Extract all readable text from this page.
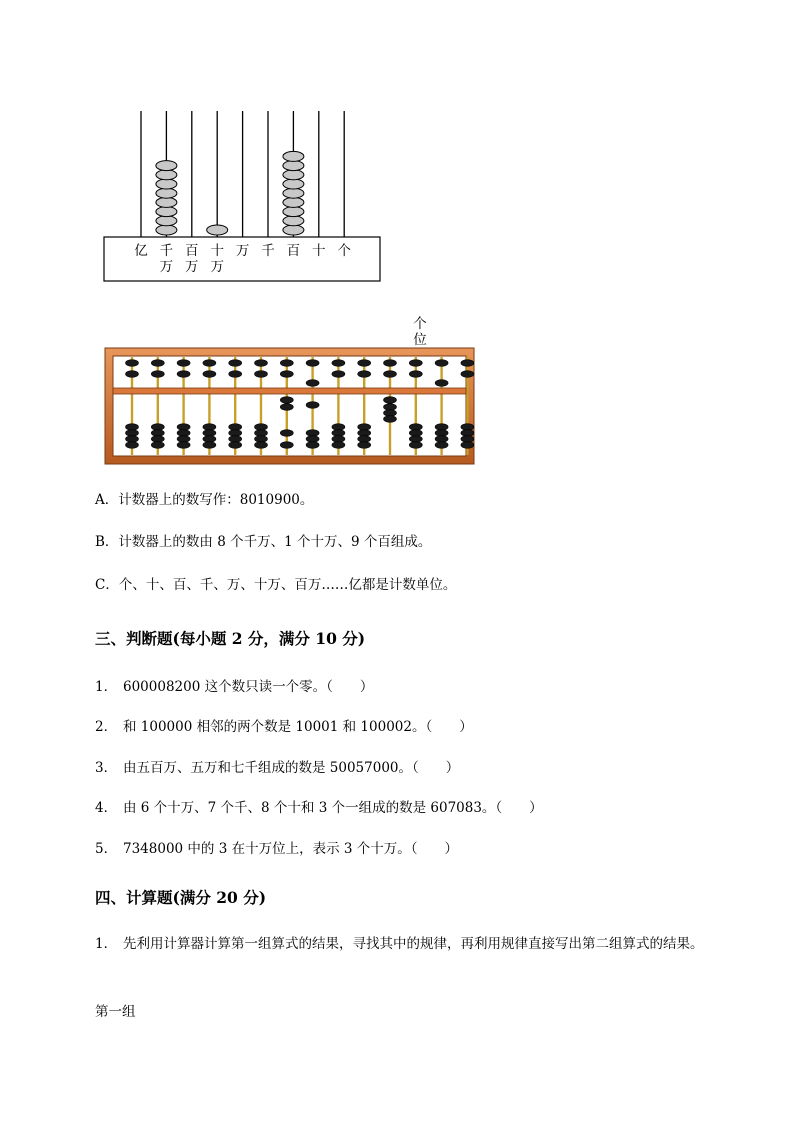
亿 千
万
百
万
十
万
万 千 百 十 个
个
位
A．计数器上的数写作：8010900。
B．计数器上的数由 8 个千万、1 个十万、9 个百组成。
C．个、十、百、千、万、十万、百万……亿都是计数单位。
三、判断题(每小题 2 分，满分 10 分)
1． 600008200 这个数只读一个零。（　　）
2． 和 100000 相邻的两个数是 10001 和 100002。（　　）
3． 由五百万、五万和七千组成的数是 50057000。（　　）
4． 由 6 个十万、7 个千、8 个十和 3 个一组成的数是 607083。（　　）
5． 7348000 中的 3 在十万位上，表示 3 个十万。（　　）
四、计算题(满分 20 分)
1． 先利用计算器计算第一组算式的结果，寻找其中的规律，再利用规律直接写出第二组算式的结果。
第一组
